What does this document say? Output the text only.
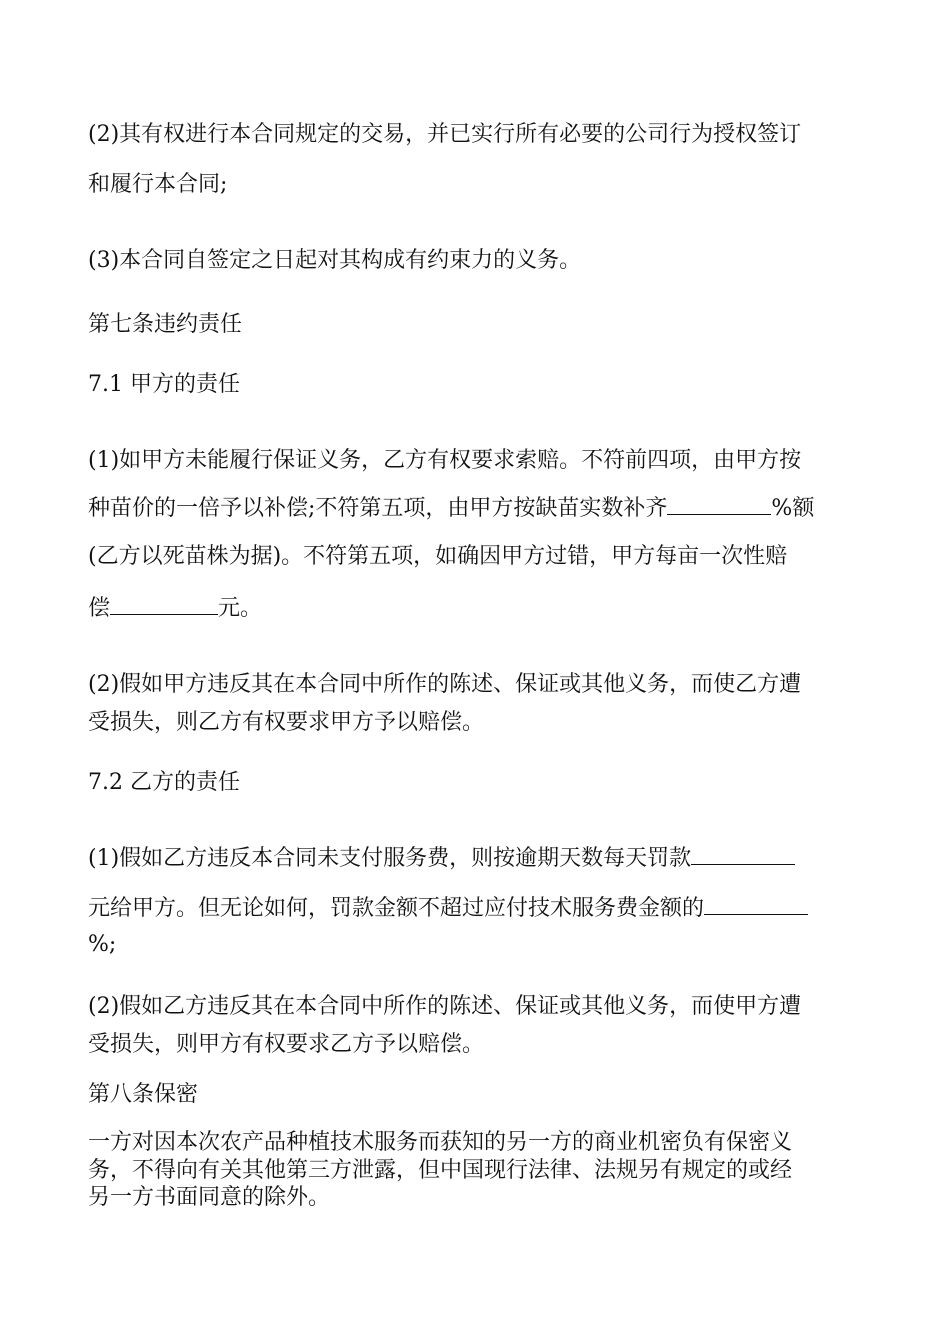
(2)其有权进行本合同规定的交易，并已实行所有必要的公司行为授权签订
和履行本合同;
(3)本合同自签定之日起对其构成有约束力的义务。
第七条违约责任
7.1 甲方的责任
(1)如甲方未能履行保证义务，乙方有权要求索赔。不符前四项，由甲方按
种苗价的一倍予以补偿;不符第五项，由甲方按缺苗实数补齐	%额
(乙方以死苗株为据)。不符第五项，如确因甲方过错，甲方每亩一次性赔
偿	元。
(2)假如甲方违反其在本合同中所作的陈述、保证或其他义务，而使乙方遭
受损失，则乙方有权要求甲方予以赔偿。
7.2 乙方的责任
(1)假如乙方违反本合同未支付服务费，则按逾期天数每天罚款
元给甲方。但无论如何，罚款金额不超过应付技术服务费金额的
%;
(2)假如乙方违反其在本合同中所作的陈述、保证或其他义务，而使甲方遭
受损失，则甲方有权要求乙方予以赔偿。
第八条保密
一方对因本次农产品种植技术服务而获知的另一方的商业机密负有保密义
务，不得向有关其他第三方泄露，但中国现行法律、法规另有规定的或经
另一方书面同意的除外。
